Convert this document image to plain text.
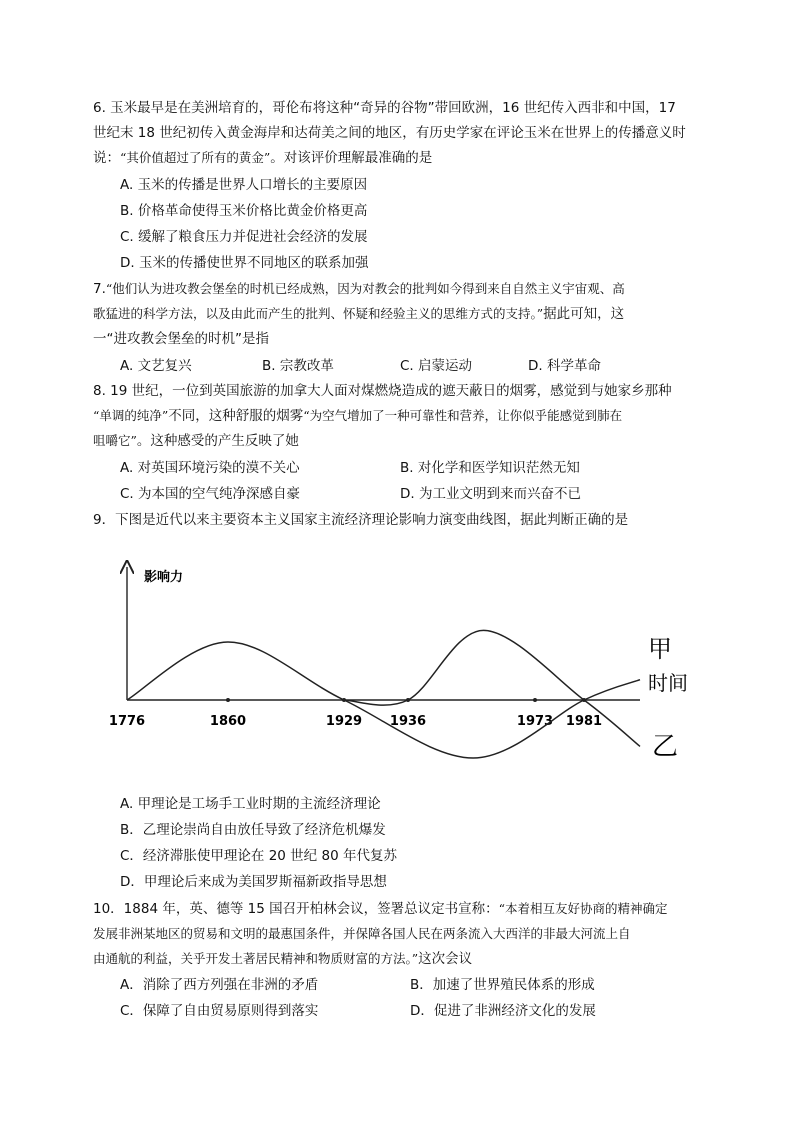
6. 玉米最早是在美洲培育的，哥伦布将这种“奇异的谷物”带回欧洲，16 世纪传入西非和中国，17
世纪末 18 世纪初传入黄金海岸和达荷美之间的地区，有历史学家在评论玉米在世界上的传播意义时
说：“其价值超过了所有的黄金”。对该评价理解最准确的是
A. 玉米的传播是世界人口增长的主要原因
B. 价格革命使得玉米价格比黄金价格更高
C. 缓解了粮食压力并促进社会经济的发展
D. 玉米的传播使世界不同地区的联系加强
7.“他们认为进攻教会堡垒的时机已经成熟，因为对教会的批判如今得到来自自然主义宇宙观、高
歌猛进的科学方法，以及由此而产生的批判、怀疑和经验主义的思维方式的支持。”据此可知，这
一“进攻教会堡垒的时机”是指
A. 文艺复兴	B. 宗教改革	C. 启蒙运动	D. 科学革命
8. 19 世纪，一位到英国旅游的加拿大人面对煤燃烧造成的遮天蔽日的烟雾，感觉到与她家乡那种
“单调的纯净”不同，这种舒服的烟雾“为空气增加了一种可靠性和营养，让你似乎能感觉到肺在
咀嚼它”。这种感受的产生反映了她
A. 对英国环境污染的漠不关心	B. 对化学和医学知识茫然无知
C. 为本国的空气纯净深感自豪	D. 为工业文明到来而兴奋不已
9．下图是近代以来主要资本主义国家主流经济理论影响力演变曲线图，据此判断正确的是
影响力
时间
1776	1860	1929 1936	1973 1981
甲
乙
A. 甲理论是工场手工业时期的主流经济理论
B．乙理论崇尚自由放任导致了经济危机爆发
C．经济滞胀使甲理论在 20 世纪 80 年代复苏
D．甲理论后来成为美国罗斯福新政指导思想
10．1884 年，英、德等 15 国召开柏林会议，签署总议定书宣称：“本着相互友好协商的精神确定
发展非洲某地区的贸易和文明的最惠国条件，并保障各国人民在两条流入大西洋的非最大河流上自
由通航的利益，关乎开发土著居民精神和物质财富的方法。”这次会议
A．消除了西方列强在非洲的矛盾	B．加速了世界殖民体系的形成
C．保障了自由贸易原则得到落实	D．促进了非洲经济文化的发展
